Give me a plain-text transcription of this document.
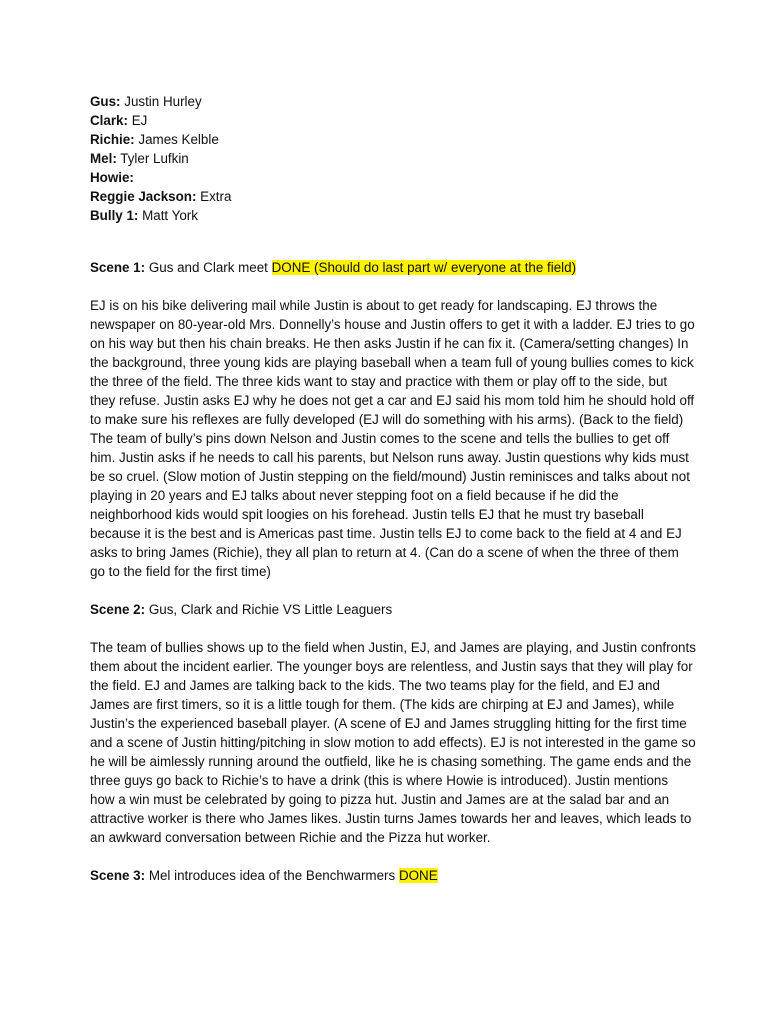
Gus: Justin Hurley

Clark: EJ

Richie: James Kelble

Mel: Tyler Lufkin

Howie:

Reggie Jackson: Extra

Bully 1: Matt York

Scene 1: Gus and Clark meet DONE (Should do last part w/ everyone at the field)

EJ is on his bike delivering mail while Justin is about to get ready for landscaping. EJ throws the newspaper on 80-year-old Mrs. Donnelly’s house and Justin offers to get it with a ladder. EJ tries to go on his way but then his chain breaks. He then asks Justin if he can fix it. (Camera/setting changes) In the background, three young kids are playing baseball when a team full of young bullies comes to kick the three of the field. The three kids want to stay and practice with them or play off to the side, but they refuse. Justin asks EJ why he does not get a car and EJ said his mom told him he should hold off to make sure his reflexes are fully developed (EJ will do something with his arms). (Back to the field) The team of bully’s pins down Nelson and Justin comes to the scene and tells the bullies to get off him. Justin asks if he needs to call his parents, but Nelson runs away. Justin questions why kids must be so cruel. (Slow motion of Justin stepping on the field/mound) Justin reminisces and talks about not playing in 20 years and EJ talks about never stepping foot on a field because if he did the neighborhood kids would spit loogies on his forehead. Justin tells EJ that he must try baseball because it is the best and is Americas past time. Justin tells EJ to come back to the field at 4 and EJ asks to bring James (Richie), they all plan to return at 4. (Can do a scene of when the three of them go to the field for the first time)

Scene 2: Gus, Clark and Richie VS Little Leaguers

The team of bullies shows up to the field when Justin, EJ, and James are playing, and Justin confronts them about the incident earlier. The younger boys are relentless, and Justin says that they will play for the field. EJ and James are talking back to the kids. The two teams play for the field, and EJ and James are first timers, so it is a little tough for them. (The kids are chirping at EJ and James), while Justin’s the experienced baseball player. (A scene of EJ and James struggling hitting for the first time and a scene of Justin hitting/pitching in slow motion to add effects). EJ is not interested in the game so he will be aimlessly running around the outfield, like he is chasing something. The game ends and the three guys go back to Richie’s to have a drink (this is where Howie is introduced). Justin mentions how a win must be celebrated by going to pizza hut. Justin and James are at the salad bar and an attractive worker is there who James likes. Justin turns James towards her and leaves, which leads to an awkward conversation between Richie and the Pizza hut worker.

Scene 3: Mel introduces idea of the Benchwarmers DONE
